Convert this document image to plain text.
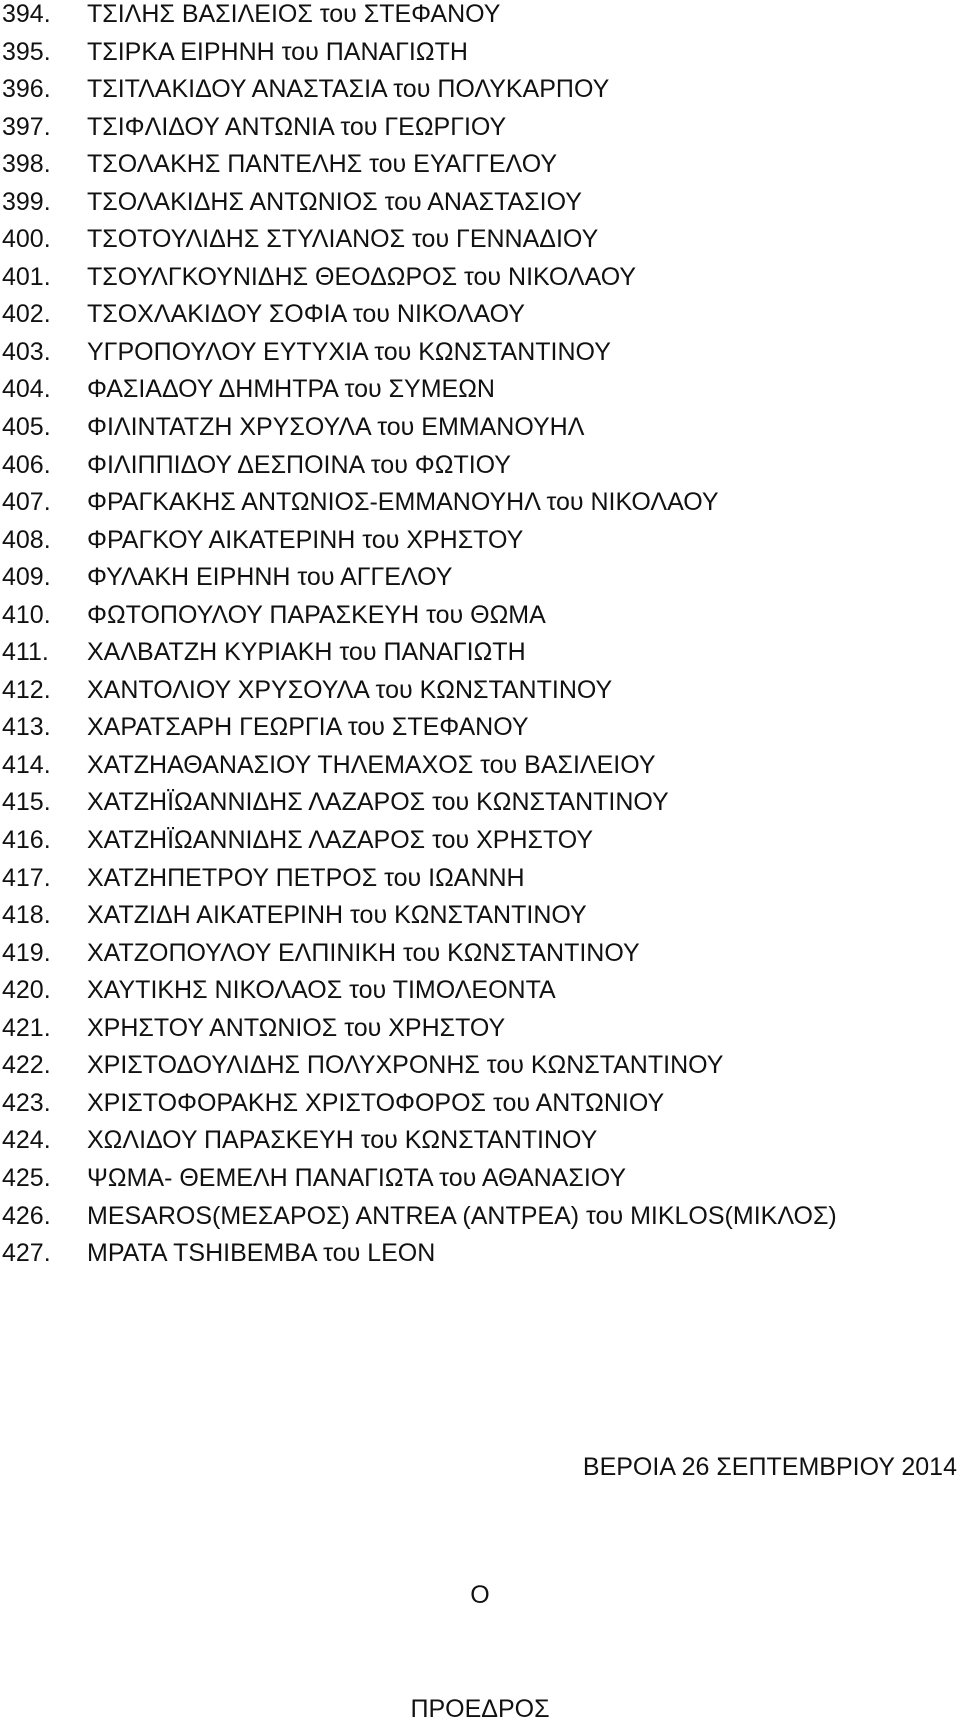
394. ΤΣΙΛΗΣ ΒΑΣΙΛΕΙΟΣ του ΣΤΕΦΑΝΟΥ
395. ΤΣΙΡΚΑ ΕΙΡΗΝΗ του ΠΑΝΑΓΙΩΤΗ
396. ΤΣΙΤΛΑΚΙΔΟΥ ΑΝΑΣΤΑΣΙΑ του ΠΟΛΥΚΑΡΠΟΥ
397. ΤΣΙΦΛΙΔΟΥ ΑΝΤΩΝΙΑ του ΓΕΩΡΓΙΟΥ
398. ΤΣΟΛΑΚΗΣ ΠΑΝΤΕΛΗΣ του ΕΥΑΓΓΕΛΟΥ
399. ΤΣΟΛΑΚΙΔΗΣ ΑΝΤΩΝΙΟΣ του ΑΝΑΣΤΑΣΙΟΥ
400. ΤΣΟΤΟΥΛΙΔΗΣ ΣΤΥΛΙΑΝΟΣ του ΓΕΝΝΑΔΙΟΥ
401. ΤΣΟΥΛΓΚΟΥΝΙΔΗΣ ΘΕΟΔΩΡΟΣ του ΝΙΚΟΛΑΟΥ
402. ΤΣΟΧΛΑΚΙΔΟΥ ΣΟΦΙΑ του ΝΙΚΟΛΑΟΥ
403. ΥΓΡΟΠΟΥΛΟΥ ΕΥΤΥΧΙΑ του ΚΩΝΣΤΑΝΤΙΝΟΥ
404. ΦΑΣΙΑΔΟΥ ΔΗΜΗΤΡΑ του ΣΥΜΕΩΝ
405. ΦΙΛΙΝΤΑΤΖΗ ΧΡΥΣΟΥΛΑ του ΕΜΜΑΝΟΥΗΛ
406. ΦΙΛΙΠΠΙΔΟΥ ΔΕΣΠΟΙΝΑ του ΦΩΤΙΟΥ
407. ΦΡΑΓΚΑΚΗΣ ΑΝΤΩΝΙΟΣ-ΕΜΜΑΝΟΥΗΛ του ΝΙΚΟΛΑΟΥ
408. ΦΡΑΓΚΟΥ ΑΙΚΑΤΕΡΙΝΗ του ΧΡΗΣΤΟΥ
409. ΦΥΛΑΚΗ ΕΙΡΗΝΗ του ΑΓΓΕΛΟΥ
410. ΦΩΤΟΠΟΥΛΟΥ ΠΑΡΑΣΚΕΥΗ του ΘΩΜΑ
411. ΧΑΛΒΑΤΖΗ ΚΥΡΙΑΚΗ του ΠΑΝΑΓΙΩΤΗ
412. ΧΑΝΤΟΛΙΟΥ ΧΡΥΣΟΥΛΑ του ΚΩΝΣΤΑΝΤΙΝΟΥ
413. ΧΑΡΑΤΣΑΡΗ ΓΕΩΡΓΙΑ του ΣΤΕΦΑΝΟΥ
414. ΧΑΤΖΗΑΘΑΝΑΣΙΟΥ ΤΗΛΕΜΑΧΟΣ του ΒΑΣΙΛΕΙΟΥ
415. ΧΑΤΖΗΪΩΑΝΝΙΔΗΣ ΛΑΖΑΡΟΣ του ΚΩΝΣΤΑΝΤΙΝΟΥ
416. ΧΑΤΖΗΪΩΑΝΝΙΔΗΣ ΛΑΖΑΡΟΣ του ΧΡΗΣΤΟΥ
417. ΧΑΤΖΗΠΕΤΡΟΥ ΠΕΤΡΟΣ του ΙΩΑΝΝΗ
418. ΧΑΤΖΙΔΗ ΑΙΚΑΤΕΡΙΝΗ του ΚΩΝΣΤΑΝΤΙΝΟΥ
419. ΧΑΤΖΟΠΟΥΛΟΥ ΕΛΠΙΝΙΚΗ του ΚΩΝΣΤΑΝΤΙΝΟΥ
420. ΧΑΥΤΙΚΗΣ ΝΙΚΟΛΑΟΣ του ΤΙΜΟΛΕΟΝΤΑ
421. ΧΡΗΣΤΟΥ ΑΝΤΩΝΙΟΣ του ΧΡΗΣΤΟΥ
422. ΧΡΙΣΤΟΔΟΥΛΙΔΗΣ ΠΟΛΥΧΡΟΝΗΣ του ΚΩΝΣΤΑΝΤΙΝΟΥ
423. ΧΡΙΣΤΟΦΟΡΑΚΗΣ ΧΡΙΣΤΟΦΟΡΟΣ του ΑΝΤΩΝΙΟΥ
424. ΧΩΛΙΔΟΥ ΠΑΡΑΣΚΕΥΗ του ΚΩΝΣΤΑΝΤΙΝΟΥ
425. ΨΩΜΑ- ΘΕΜΕΛΗ ΠΑΝΑΓΙΩΤΑ του ΑΘΑΝΑΣΙΟΥ
426. MESAROS(ΜΕΣΑΡΟΣ) ANTREA (ΑΝΤΡΕΑ) του MIKLOS(ΜΙΚΛΟΣ)
427. ΜΡΑΤΑ TSHIBEMBA του LEON
ΒΕΡΟΙΑ 26 ΣΕΠΤΕΜΒΡΙΟΥ 2014
Ο
ΠΡΟΕΔΡΟΣ
